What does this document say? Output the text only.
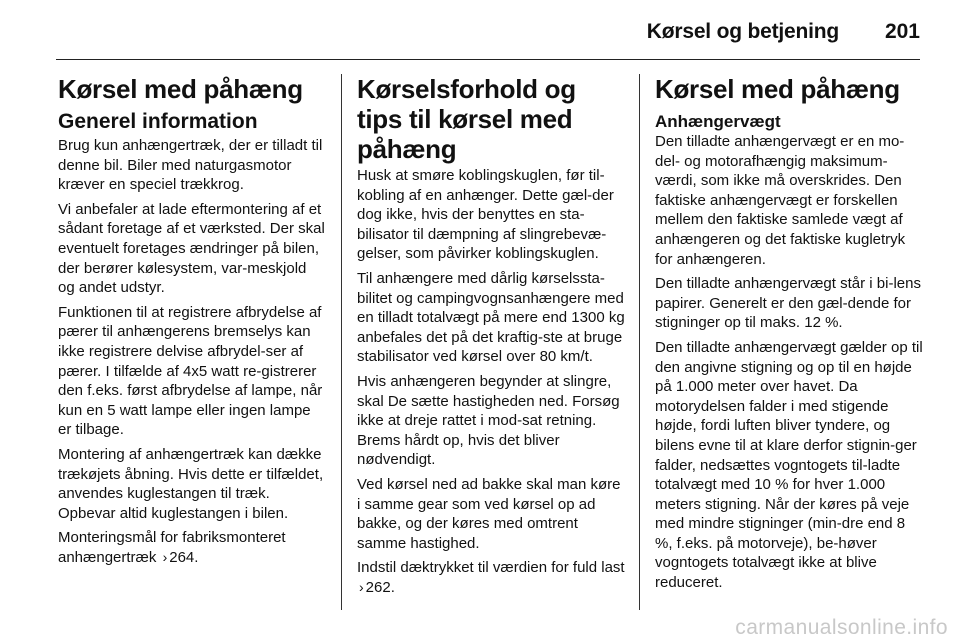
Kørsel og betjening 201
Kørsel med påhæng
Generel information

Brug kun anhængertræk, der er tilladt til denne bil. Biler med naturgasmotor kræver en speciel trækkrog.

Vi anbefaler at lade eftermontering af et sådant foretage af et værksted. Der skal eventuelt foretages ændringer på bilen, der berører kølesystem, var-meskjold og andet udstyr.

Funktionen til at registrere afbrydelse af pærer til anhængerens bremselys kan ikke registrere delvise afbrydel-ser af pærer. I tilfælde af 4x5 watt re-gistrerer den f.eks. først afbrydelse af lampe, når kun en 5 watt lampe eller ingen lampe er tilbage.

Montering af anhængertræk kan dække trækøjets åbning. Hvis dette er tilfældet, anvendes kuglestangen til træk. Opbevar altid kuglestangen i bilen.

Monteringsmål for fabriksmonteret anhængertræk › 264.

Kørselsforhold og tips til kørsel med påhæng

Husk at smøre koblingskuglen, før til-kobling af en anhænger. Dette gæl-der dog ikke, hvis der benyttes en sta-bilisator til dæmpning af slingrebevæ-gelser, som påvirker koblingskuglen.

Til anhængere med dårlig kørselssta-bilitet og campingvognsanhængere med en tilladt totalvægt på mere end 1300 kg anbefales det på det kraftig-ste at bruge stabilisator ved kørsel over 80 km/t.

Hvis anhængeren begynder at slingre, skal De sætte hastigheden ned. Forsøg ikke at dreje rattet i mod-sat retning. Brems hårdt op, hvis det bliver nødvendigt.

Ved kørsel ned ad bakke skal man køre i samme gear som ved kørsel op ad bakke, og der køres med omtrent samme hastighed.

Indstil dæktrykket til værdien for fuld last › 262.

Kørsel med påhæng
Anhængervægt

Den tilladte anhængervægt er en mo-del- og motorafhængig maksimum-værdi, som ikke må overskrides. Den faktiske anhængervægt er forskellen mellem den faktiske samlede vægt af anhængeren og det faktiske kugletryk for anhængeren.

Den tilladte anhængervægt står i bi-lens papirer. Generelt er den gæl-dende for stigninger op til maks. 12 %.

Den tilladte anhængervægt gælder op til den angivne stigning og op til en højde på 1.000 meter over havet. Da motorydelsen falder i med stigende højde, fordi luften bliver tyndere, og bilens evne til at klare derfor stignin-ger falder, nedsættes vogntogets til-ladte totalvægt med 10 % for hver 1.000 meters stigning. Når der køres på veje med mindre stigninger (min-dre end 8 %, f.eks. på motorveje), be-høver vogntogets totalvægt ikke at blive reduceret.

carmanualsonline.info
